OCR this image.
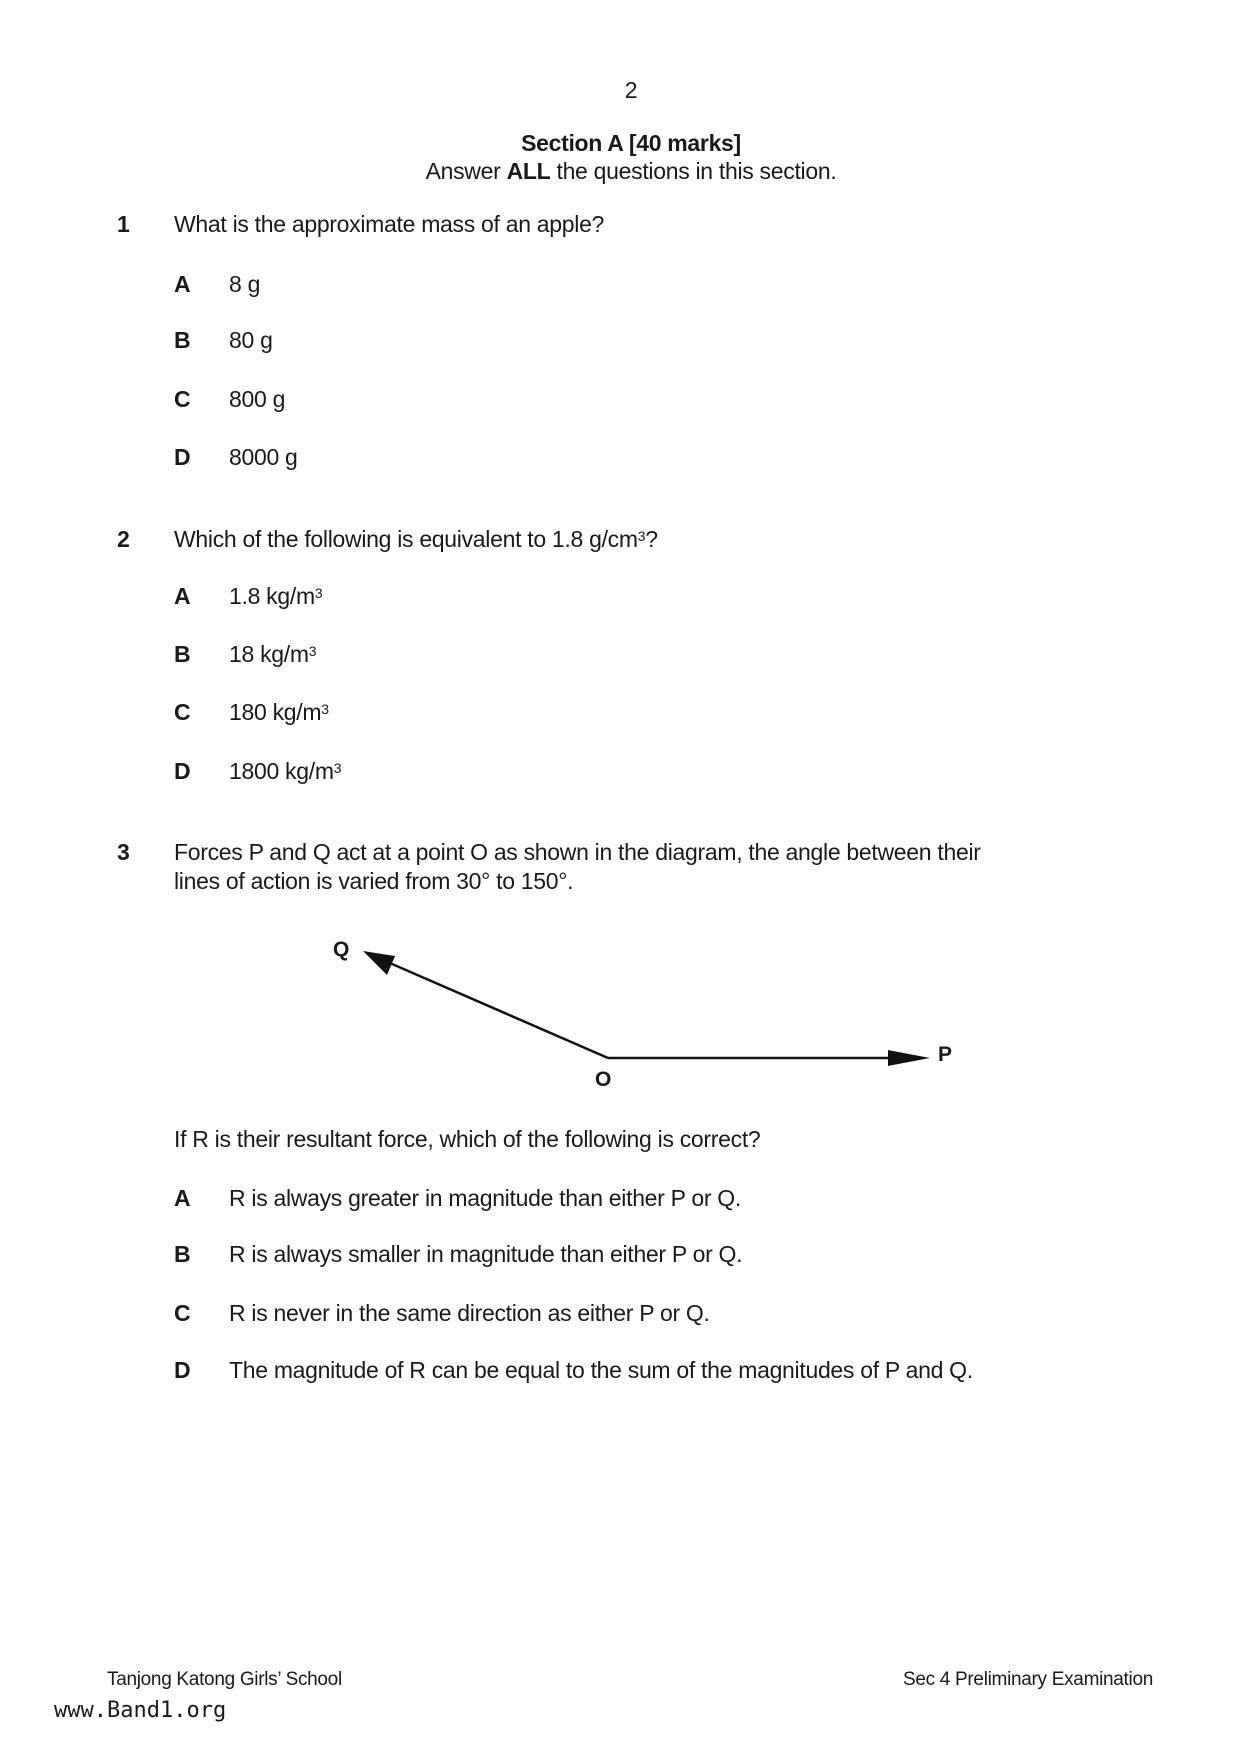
2
Section A [40 marks]
Answer ALL the questions in this section.
1 What is the approximate mass of an apple?
A 8 g
B 80 g
C 800 g
D 8000 g
2 Which of the following is equivalent to 1.8 $g/cm^3$?
A 1.8 $kg/m^3$
B 18 $kg/m^3$
C 180 $kg/m^3$
D 1800 $kg/m^3$
3 Forces P and Q act at a point O as shown in the diagram, the angle between their
lines of action is varied from 30° to 150°.
Q
P
O
If R is their resultant force, which of the following is correct?
A R is always greater in magnitude than either P or Q.
B R is always smaller in magnitude than either P or Q.
C R is never in the same direction as either P or Q.
D The magnitude of R can be equal to the sum of the magnitudes of P and Q.
Tanjong Katong Girls’ School	Sec 4 Preliminary Examination
www.Band1.org
